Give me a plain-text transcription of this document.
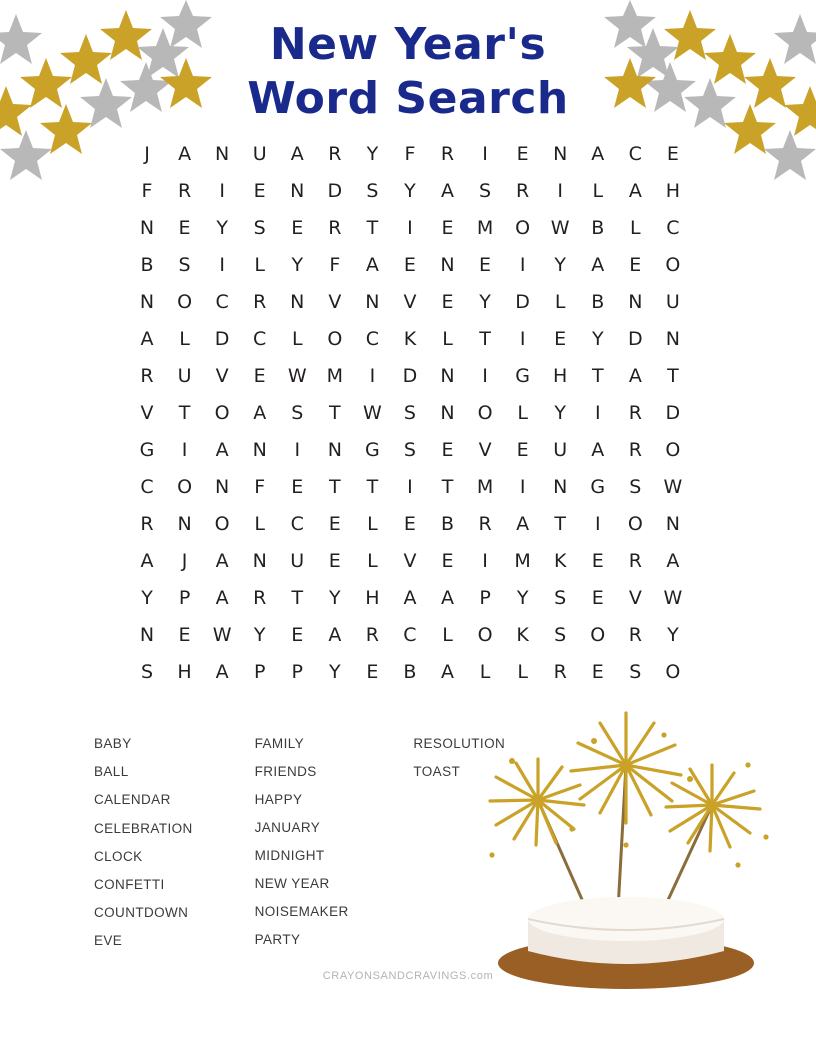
New Year's
Word Search
J	A	N	U	A	R	Y	F	R	I	E	N	A	C	E
F	R	I	E	N	D	S	Y	A	S	R	I	L	A	H
N	E	Y	S	E	R	T	I	E	M	O	W	B	L	C
B	S	I	L	Y	F	A	E	N	E	I	Y	A	E	O
N	O	C	R	N	V	N	V	E	Y	D	L	B	N	U
A	L	D	C	L	O	C	K	L	T	I	E	Y	D	N
R	U	V	E	W	M	I	D	N	I	G	H	T	A	T
V	T	O	A	S	T	W	S	N	O	L	Y	I	R	D
G	I	A	N	I	N	G	S	E	V	E	U	A	R	O
C	O	N	F	E	T	T	I	T	M	I	N	G	S	W
R	N	O	L	C	E	L	E	B	R	A	T	I	O	N
A	J	A	N	U	E	L	V	E	I	M	K	E	R	A
Y	P	A	R	T	Y	H	A	A	P	Y	S	E	V	W
N	E	W	Y	E	A	R	C	L	O	K	S	O	R	Y
S	H	A	P	P	Y	E	B	A	L	L	R	E	S	O
BABY
BALL
CALENDAR
CELEBRATION
CLOCK
CONFETTI
COUNTDOWN
EVE
FAMILY
FRIENDS
HAPPY
JANUARY
MIDNIGHT
NEW YEAR
NOISEMAKER
PARTY
RESOLUTION
TOAST
CRAYONSANDCRAVINGS.com
